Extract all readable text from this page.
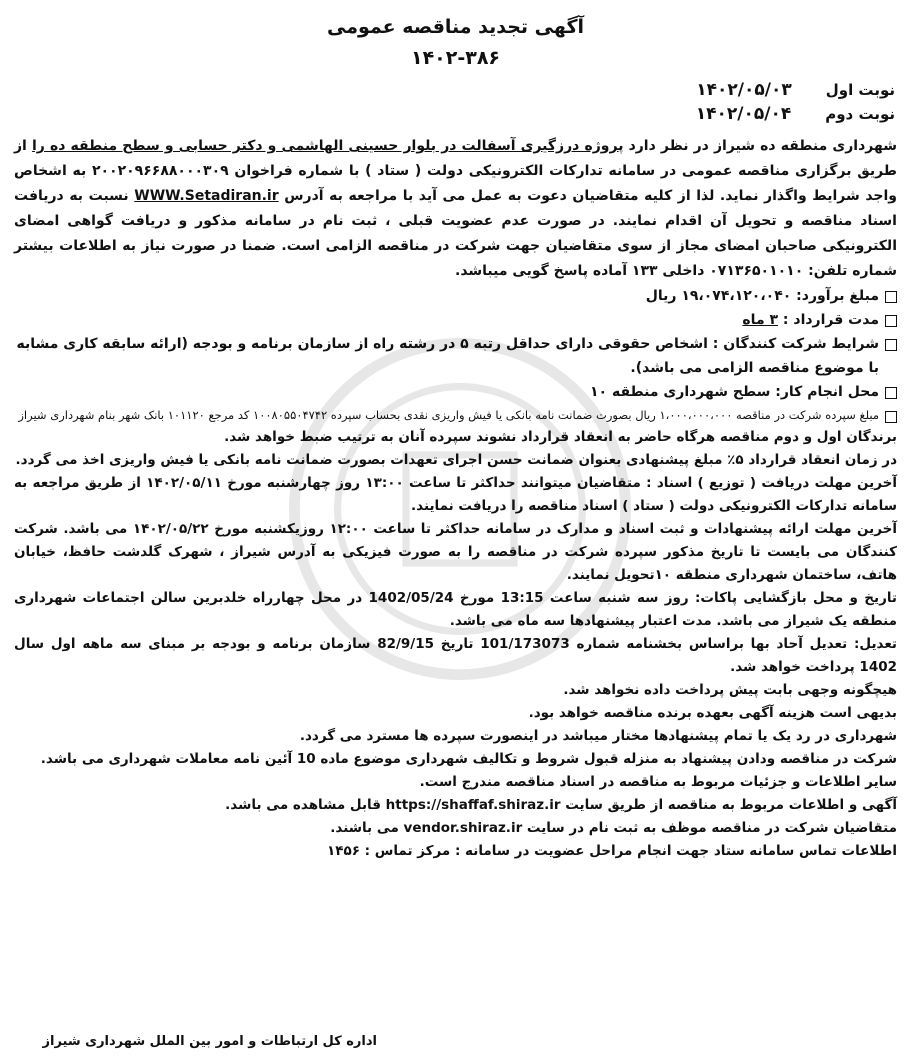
آگهی تجدید مناقصه عمومی
۱۴۰۲-۳۸۶
نوبت اول
۱۴۰۲/۰۵/۰۳
نوبت دوم
۱۴۰۲/۰۵/۰۴
شهرداری منطقه ده شیراز در نظر دارد پروژه درزگیری آسفالت در بلوار حسینی الهاشمی و دکتر حسابی و سطح منطقه ده را از طریق برگزاری مناقصه عمومی در سامانه تدارکات الکترونیکی دولت ( ستاد ) با شماره فراخوان ۲۰۰۲۰۹۶۶۸۸۰۰۰۳۰۹ به اشخاص واجد شرایط واگذار نماید. لذا از کلیه متقاضیان دعوت به عمل می آید با مراجعه به آدرس WWW.Setadiran.ir نسبت به دریافت اسناد مناقصه و تحویل آن اقدام نمایند. در صورت عدم عضویت قبلی ، ثبت نام در سامانه مذکور و دریافت گواهی امضای الکترونیکی صاحبان امضای مجاز از سوی متقاضیان جهت شرکت در مناقصه الزامی است. ضمنا در صورت نیاز به اطلاعات بیشتر شماره تلفن: ۰۷۱۳۶۵۰۱۰۱۰ داخلی ۱۳۳ آماده پاسخ گویی میباشد.
مبلغ برآورد: ۱۹،۰۷۴،۱۲۰،۰۴۰ ریال
مدت قرارداد : ۳ ماه
شرایط شرکت کنندگان : اشخاص حقوقی دارای حداقل رتبه ۵ در رشته راه از سازمان برنامه و بودجه (ارائه سابقه کاری مشابه با موضوع مناقصه الزامی می باشد).
محل انجام کار: سطح شهرداری منطقه ۱۰
مبلغ سپرده شرکت در مناقصه ۱،۰۰۰،۰۰۰،۰۰۰ ریال بصورت ضمانت نامه بانکی یا فیش واریزی نقدی بحساب سپرده ۱۰۰۸۰۵۵۰۴۷۴۲ کد مرجع ۱۰۱۱۲۰ بانک شهر بنام شهرداری شیراز
برندگان اول و دوم مناقصه هرگاه حاضر به انعقاد قرارداد نشوند سپرده آنان به ترتیب ضبط خواهد شد.
در زمان انعقاد قرارداد ۵٪ مبلغ پیشنهادی بعنوان ضمانت حسن اجرای تعهدات بصورت ضمانت نامه بانکی یا فیش واریزی اخذ می گردد.
آخرین مهلت دریافت ( توزیع ) اسناد : متقاضیان میتوانند حداکثر تا ساعت ۱۳:۰۰ روز چهارشنبه مورخ ۱۴۰۲/۰۵/۱۱ از طریق مراجعه به سامانه تدارکات الکترونیکی دولت ( ستاد ) اسناد مناقصه را دریافت نمایند.
آخرین مهلت ارائه پیشنهادات و ثبت اسناد و مدارک در سامانه حداکثر تا ساعت ۱۲:۰۰ روزیکشنبه مورخ ۱۴۰۲/۰۵/۲۲ می باشد. شرکت کنندگان می بایست تا تاریخ مذکور سپرده شرکت در مناقصه را به صورت فیزیکی به آدرس شیراز ، شهرک گلدشت حافظ، خیابان هاتف، ساختمان شهرداری منطقه ۱۰تحویل نمایند.
تاریخ و محل بازگشایی پاکات: روز سه شنبه ساعت 13:15 مورخ 1402/05/24 در محل چهارراه خلدبرین سالن اجتماعات شهرداری منطقه یک شیراز می باشد. مدت اعتبار پیشنهادها سه ماه می باشد.
تعدیل: تعدیل آحاد بها براساس بخشنامه شماره 101/173073 تاریخ 82/9/15 سازمان برنامه و بودجه بر مبنای سه ماهه اول سال 1402 پرداخت خواهد شد.
هیچگونه وجهی بابت پیش پرداخت داده نخواهد شد.
بدیهی است هزینه آگهی بعهده برنده مناقصه خواهد بود.
شهرداری در رد یک یا تمام پیشنهادها مختار میباشد در اینصورت سپرده ها مسترد می گردد.
شرکت در مناقصه ودادن پیشنهاد به منزله قبول شروط و تکالیف شهرداری موضوع ماده 10 آئین نامه معاملات شهرداری می باشد.
سایر اطلاعات و جزئیات مربوط به مناقصه در اسناد مناقصه مندرج است.
آگهی و اطلاعات مربوط به مناقصه از طریق سایت https://shaffaf.shiraz.ir قابل مشاهده می باشد.
متقاضیان شرکت در مناقصه موظف به ثبت نام در سایت vendor.shiraz.ir می باشند.
اطلاعات تماس سامانه ستاد جهت انجام مراحل عضویت در سامانه : مرکز تماس : ۱۴۵۶
اداره کل ارتباطات و امور بین الملل شهرداری شیراز
